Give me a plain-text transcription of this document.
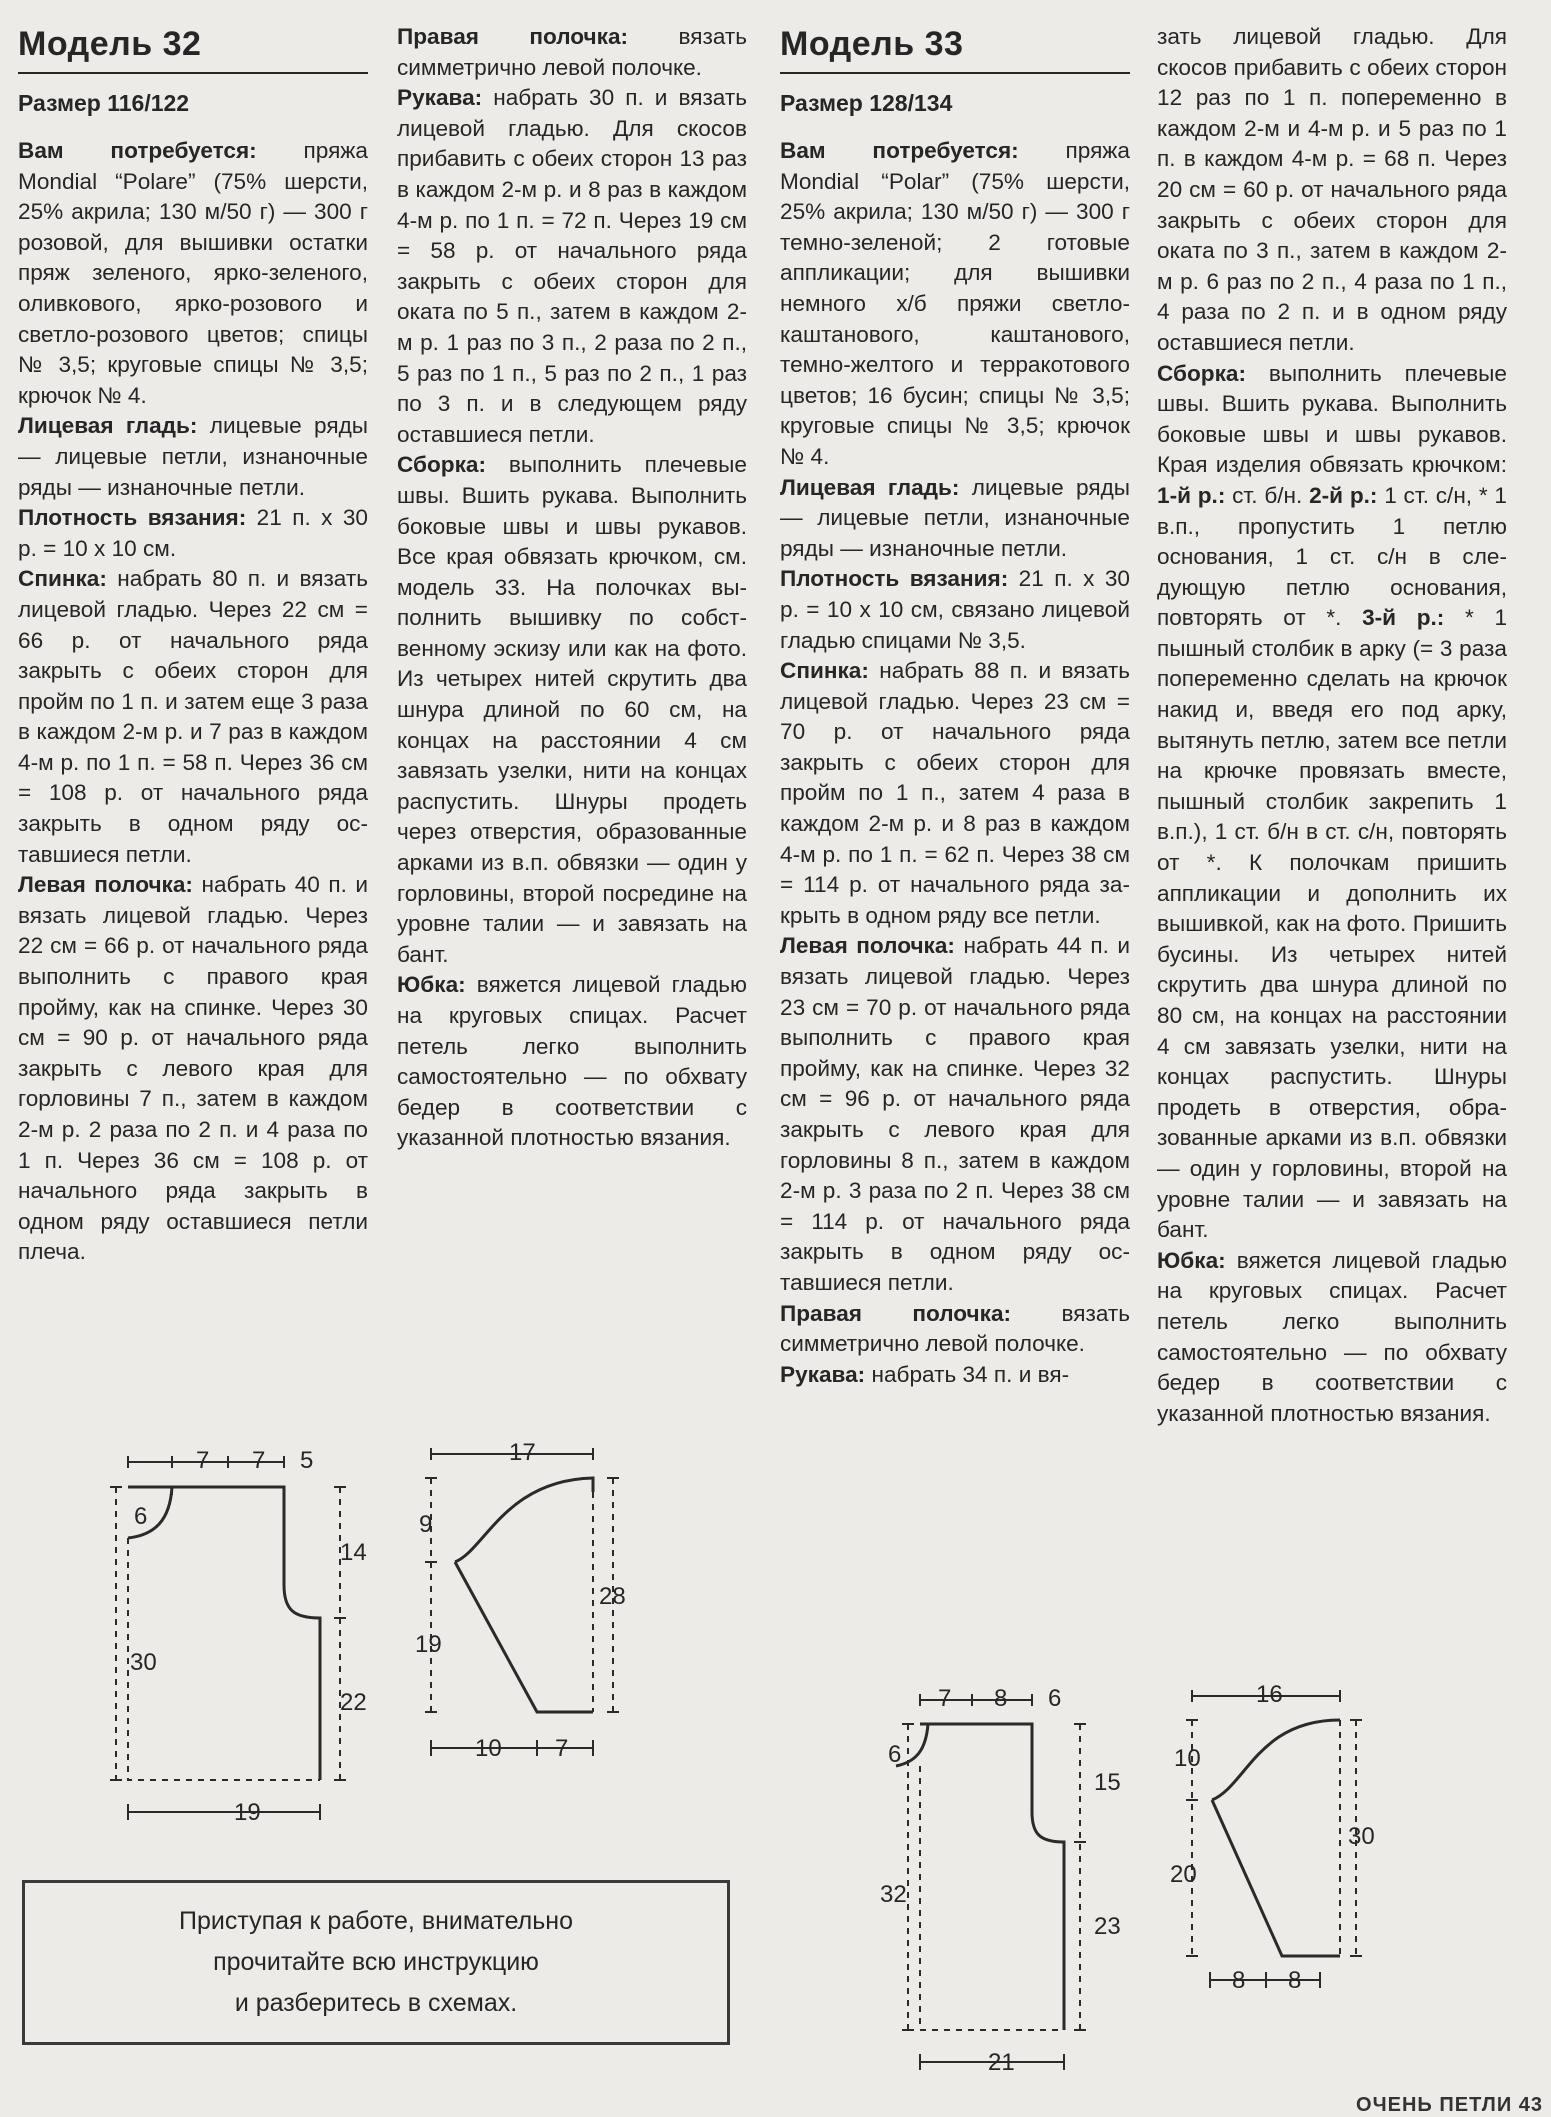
Модель 32
Размер 116/122

Вам потребуется: пряжа Mondial “Polare” (75% шерсти, 25% акрила; 130 м/50 г) — 300 г розовой, для вышивки остатки пряж зеленого, ярко-зеленого, оливкового, ярко-розового и светло-розового цветов; спицы № 3,5; круговые спицы № 3,5; крючок № 4.

Лицевая гладь: лицевые ряды — лицевые петли, изнаночные ряды — изнаночные петли.

Плотность вязания: 21 п. х 30 р. = 10 х 10 см.

Спинка: набрать 80 п. и вязать лицевой гладью. Через 22 см = 66 р. от начального ряда закрыть с обеих сторон для пройм по 1 п. и затем еще 3 раза в каждом 2-м р. и 7 раз в каждом 4-м р. по 1 п. = 58 п. Через 36 см = 108 р. от начального ряда закрыть в одном ряду оставшиеся петли.

Левая полочка: набрать 40 п. и вязать лицевой гладью. Через 22 см = 66 р. от начального ряда выполнить с правого края пройму, как на спинке. Через 30 см = 90 р. от начального ряда закрыть с левого края для горловины 7 п., затем в каждом 2-м р. 2 раза по 2 п. и 4 раза по 1 п. Через 36 см = 108 р. от начального ряда закрыть в одном ряду оставшиеся петли плеча.

Правая полочка: вязать симметрично левой полочке.

Рукава: набрать 30 п. и вязать лицевой гладью. Для скосов прибавить с обеих сторон 13 раз в каждом 2-м р. и 8 раз в каждом 4-м р. по 1 п. = 72 п. Через 19 см = 58 р. от начального ряда закрыть с обеих сторон для оката по 5 п., затем в каждом 2-м р. 1 раз по 3 п., 2 раза по 2 п., 5 раз по 1 п., 5 раз по 2 п., 1 раз по 3 п. и в следующем ряду оставшиеся петли.

Сборка: выполнить плечевые швы. Вшить рукава. Выполнить боковые швы и швы рукавов. Все края обвязать крючком, см. модель 33. На полочках выполнить вышивку по собственному эскизу или как на фото. Из четырех нитей скрутить два шнура длиной по 60 см, на концах на расстоянии 4 см завязать узелки, нити на концах распустить. Шнуры продеть через отверстия, образованные арками из в.п. обвязки — один у горловины, второй посредине на уровне талии — и завязать на бант.

Юбка: вяжется лицевой гладью на круговых спицах. Расчет петель легко выполнить самостоятельно — по обхвату бедер в соответствии с указанной плотностью вязания.

Модель 33
Размер 128/134

Вам потребуется: пряжа Mondial “Polar” (75% шерсти, 25% акрила; 130 м/50 г) — 300 г темно-зеленой; 2 готовые аппликации; для вышивки немного х/б пряжи светло-каштанового, каштанового, темно-желтого и терракотового цветов; 16 бусин; спицы № 3,5; круговые спицы № 3,5; крючок № 4.

Лицевая гладь: лицевые ряды — лицевые петли, изнаночные ряды — изнаночные петли.

Плотность вязания: 21 п. х 30 р. = 10 х 10 см, связано лицевой гладью спицами № 3,5.

Спинка: набрать 88 п. и вязать лицевой гладью. Через 23 см = 70 р. от начального ряда закрыть с обеих сторон для пройм по 1 п., затем 4 раза в каждом 2-м р. и 8 раз в каждом 4-м р. по 1 п. = 62 п. Через 38 см = 114 р. от начального ряда закрыть в одном ряду все петли.

Левая полочка: набрать 44 п. и вязать лицевой гладью. Через 23 см = 70 р. от начального ряда выполнить с правого края пройму, как на спинке. Через 32 см = 96 р. от начального ряда закрыть с левого края для горловины 8 п., затем в каждом 2-м р. 3 раза по 2 п. Через 38 см = 114 р. от начального ряда закрыть в одном ряду оставшиеся петли.

Правая полочка: вязать симметрично левой полочке.

Рукава: набрать 34 п. и вя-

зать лицевой гладью. Для скосов прибавить с обеих сторон 12 раз по 1 п. попеременно в каждом 2-м и 4-м р. и 5 раз по 1 п. в каждом 4-м р. = 68 п. Через 20 см = 60 р. от начального ряда закрыть с обеих сторон для оката по 3 п., затем в каждом 2-м р. 6 раз по 2 п., 4 раза по 1 п., 4 раза по 2 п. и в одном ряду оставшиеся петли.

Сборка: выполнить плечевые швы. Вшить рукава. Выполнить боковые швы и швы рукавов. Края изделия обвязать крючком: 1-й р.: ст. б/н. 2-й р.: 1 ст. с/н, * 1 в.п., пропустить 1 петлю основания, 1 ст. с/н в следующую петлю основания, повторять от *. 3-й р.: * 1 пышный столбик в арку (= 3 раза попеременно сделать на крючок накид и, введя его под арку, вытянуть петлю, затем все петли на крючке провязать вместе, пышный столбик закрепить 1 в.п.), 1 ст. б/н в ст. с/н, повторять от *. К полочкам пришить аппликации и дополнить их вышивкой, как на фото. Пришить бусины. Из четырех нитей скрутить два шнура длиной по 80 см, на концах на расстоянии 4 см завязать узелки, нити на концах распустить. Шнуры продеть в отверстия, образованные арками из в.п. обвязки — один у горловины, второй на уровне талии — и завязать на бант.

Юбка: вяжется лицевой гладью на круговых спицах. Расчет петель легко выполнить самостоятельно — по обхвату бедер в соответствии с указанной плотностью вязания.

7 7 5
6
14
30
22
19
17
9
28
19
10 7
7 8 6
6
15
32
23
21
16
10
30
20
8 8
Приступая к работе, внимательно
прочитайте всю инструкцию
и разберитесь в схемах.
ОЧЕНЬ ПЕТЛИ 43
